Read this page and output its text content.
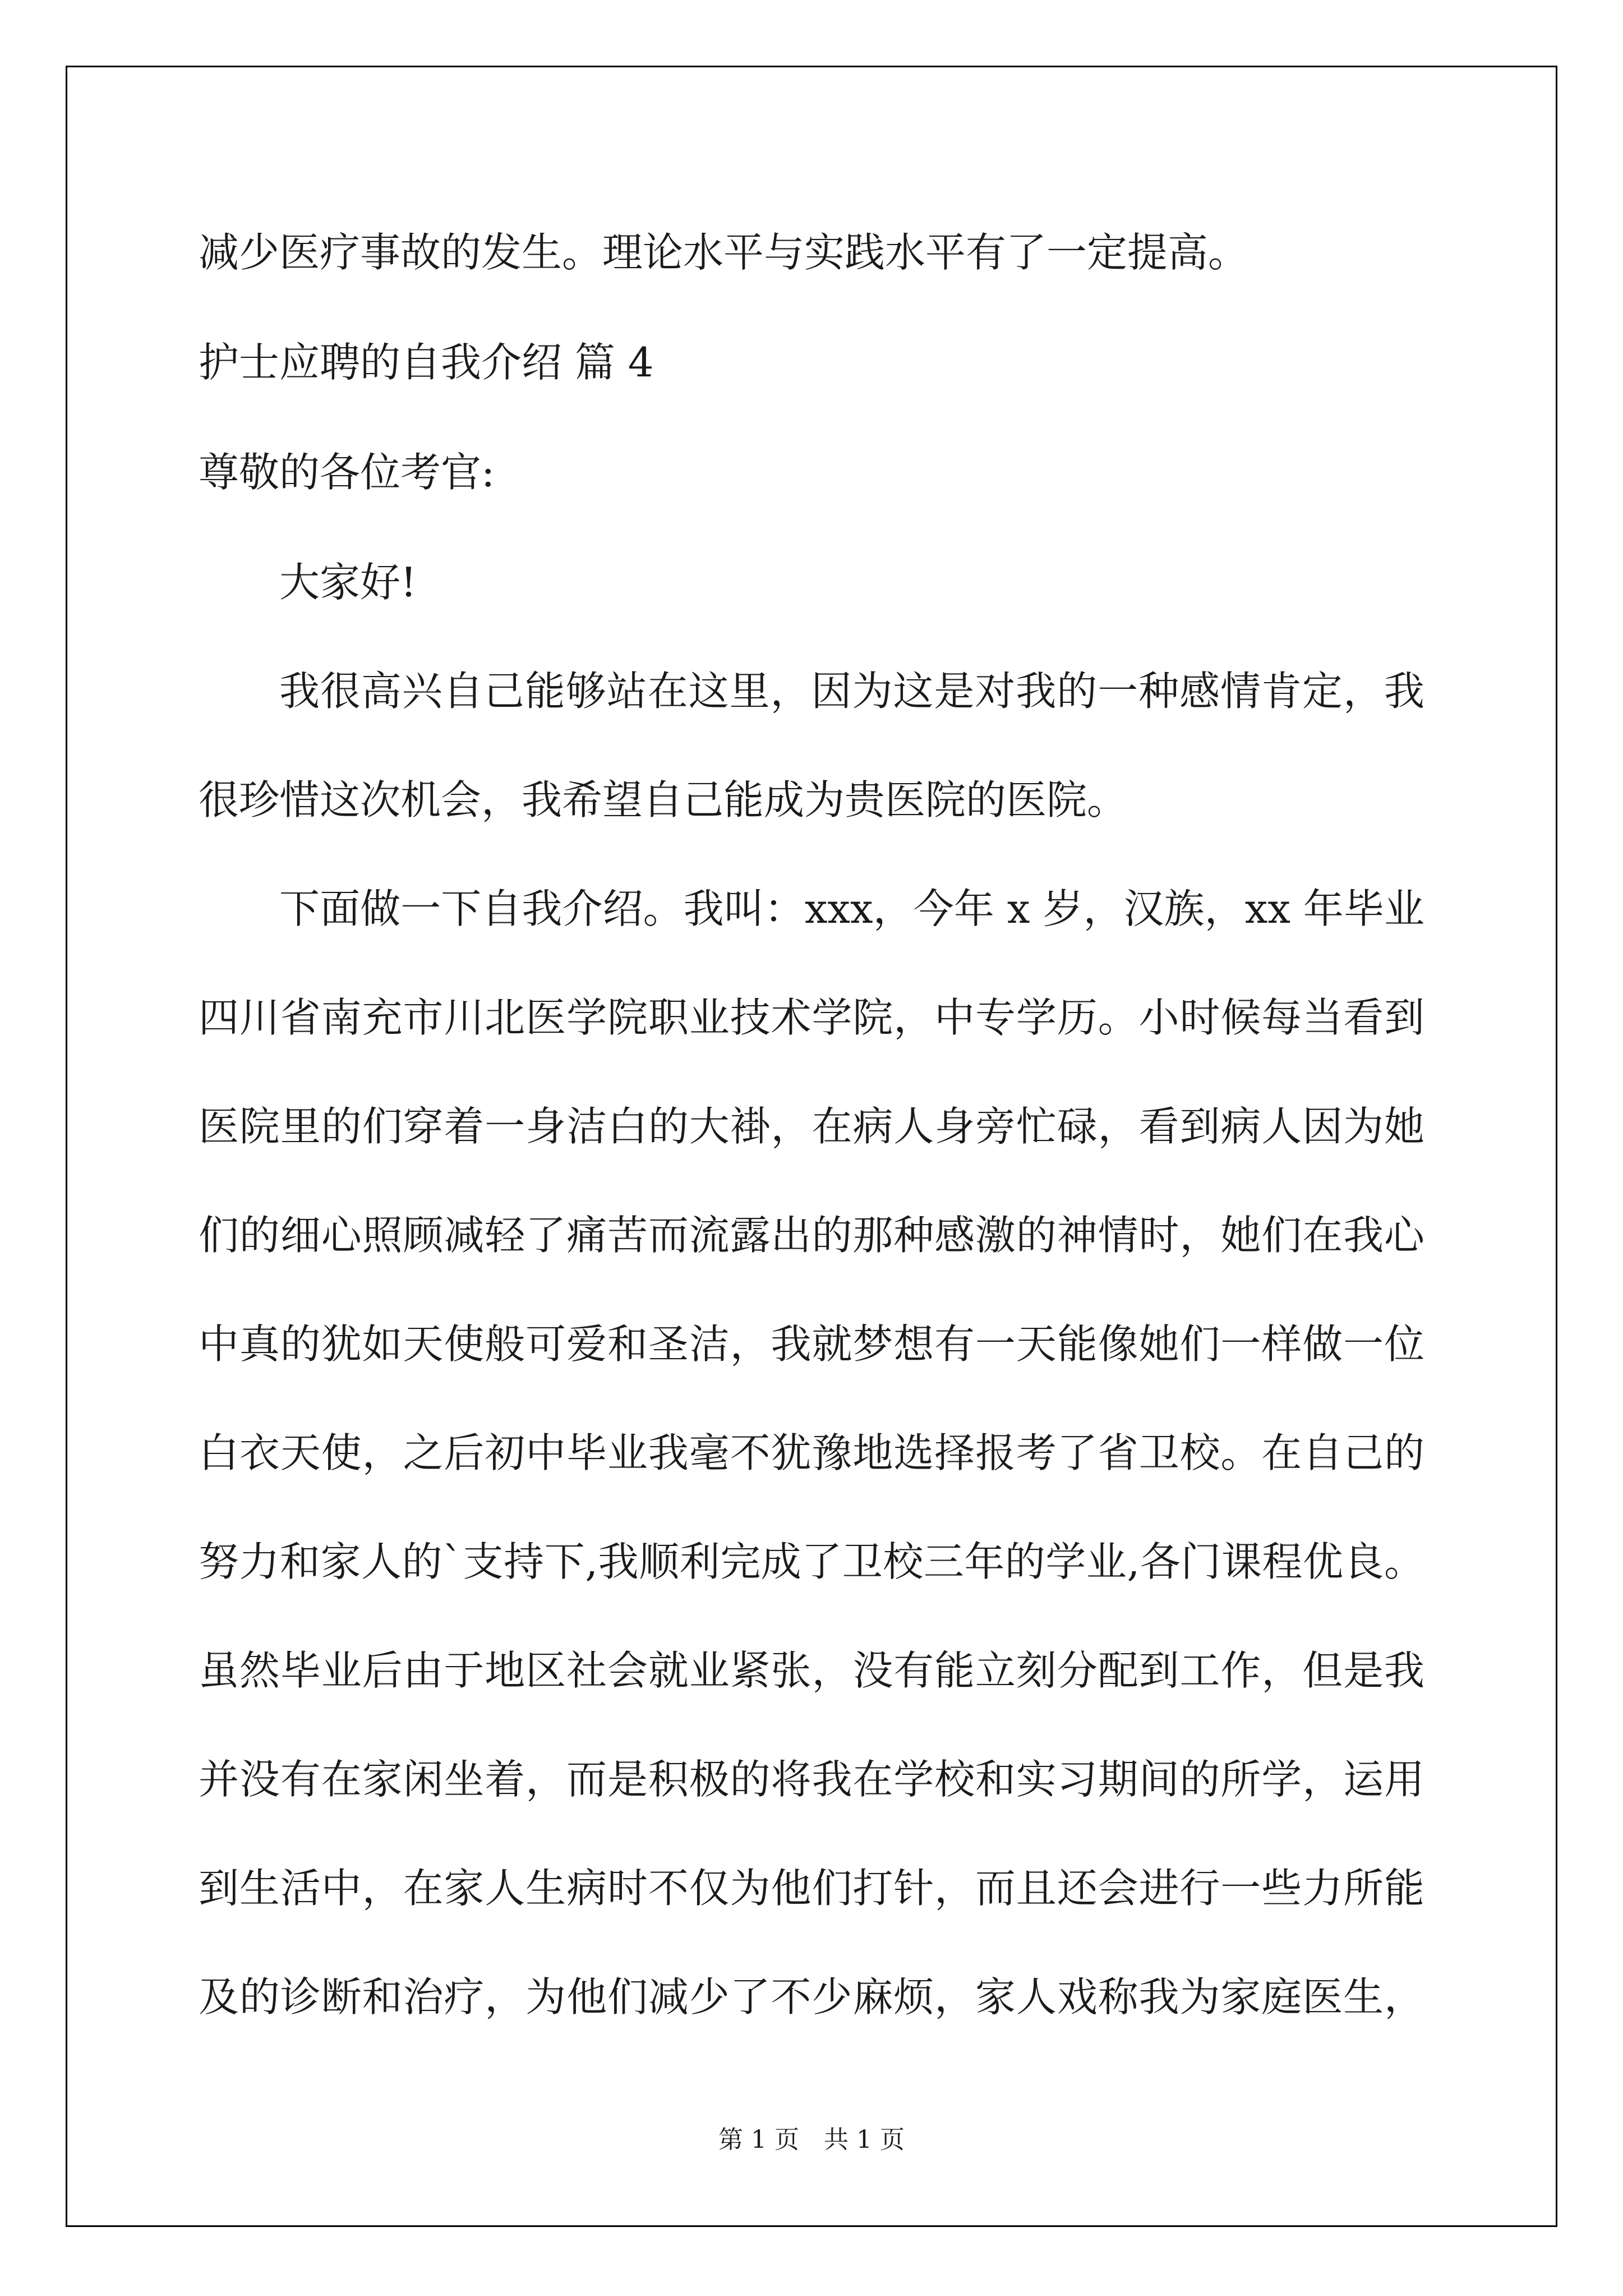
减少医疗事故的发生。理论水平与实践水平有了一定提高。
护士应聘的自我介绍 篇 4
尊敬的各位考官:
大家好!
我很高兴自己能够站在这里，因为这是对我的一种感情肯定，我
很珍惜这次机会，我希望自己能成为贵医院的医院。
下面做一下自我介绍。我叫：xxx，今年 x 岁，汉族，xx 年毕业
四川省南充市川北医学院职业技术学院，中专学历。小时候每当看到
医院里的们穿着一身洁白的大褂，在病人身旁忙碌，看到病人因为她
们的细心照顾减轻了痛苦而流露出的那种感激的神情时，她们在我心
中真的犹如天使般可爱和圣洁，我就梦想有一天能像她们一样做一位
白衣天使，之后初中毕业我毫不犹豫地选择报考了省卫校。在自己的
努力和家人的`支持下,我顺利完成了卫校三年的学业,各门课程优良。
虽然毕业后由于地区社会就业紧张，没有能立刻分配到工作，但是我
并没有在家闲坐着，而是积极的将我在学校和实习期间的所学，运用
到生活中，在家人生病时不仅为他们打针，而且还会进行一些力所能
及的诊断和治疗，为他们减少了不少麻烦，家人戏称我为家庭医生，
第 1 页　共 1 页
